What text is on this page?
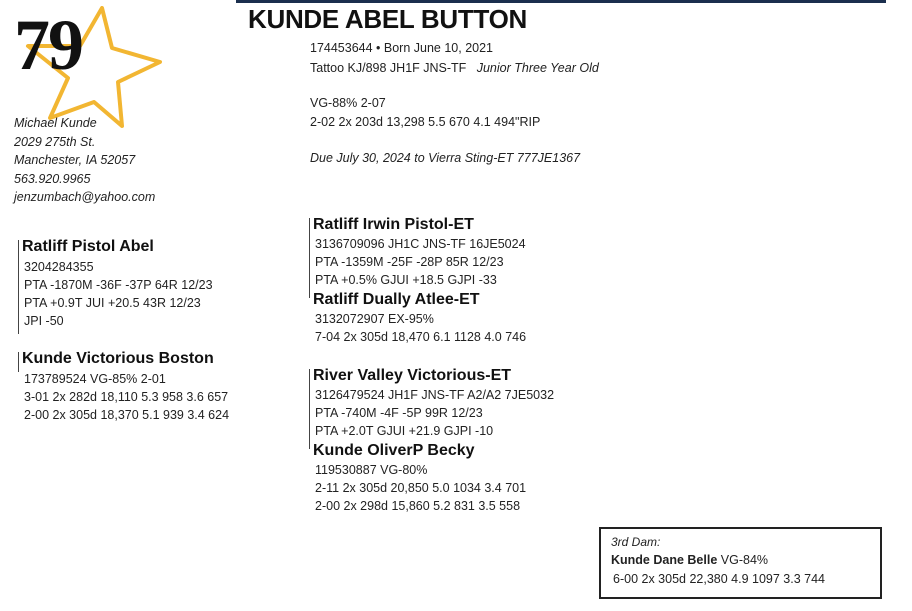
79
Michael Kunde
2029 275th St.
Manchester, IA 52057
563.920.9965
jenzumbach@yahoo.com
KUNDE ABEL BUTTON
174453644 • Born June 10, 2021
Tattoo KJ/898 JH1F JNS-TF Junior Three Year Old
VG-88% 2-07
2-02 2x 203d 13,298 5.5 670 4.1 494"RIP
Due July 30, 2024 to Vierra Sting-ET 777JE1367
Ratliff Pistol Abel
3204284355
PTA -1870M -36F -37P 64R 12/23
PTA +0.9T JUI +20.5 43R 12/23
JPI -50
Kunde Victorious Boston
173789524 VG-85% 2-01
3-01 2x 282d 18,110 5.3 958 3.6 657
2-00 2x 305d 18,370 5.1 939 3.4 624
Ratliff Irwin Pistol-ET
3136709096 JH1C JNS-TF 16JE5024
PTA -1359M -25F -28P 85R 12/23
PTA +0.5% GJUI +18.5 GJPI -33
Ratliff Dually Atlee-ET
3132072907 EX-95%
7-04 2x 305d 18,470 6.1 1128 4.0 746
River Valley Victorious-ET
3126479524 JH1F JNS-TF A2/A2 7JE5032
PTA -740M -4F -5P 99R 12/23
PTA +2.0T GJUI +21.9 GJPI -10
Kunde OliverP Becky
119530887 VG-80%
2-11 2x 305d 20,850 5.0 1034 3.4 701
2-00 2x 298d 15,860 5.2 831 3.5 558
3rd Dam:
Kunde Dane Belle VG-84%
6-00 2x 305d 22,380 4.9 1097 3.3 744
